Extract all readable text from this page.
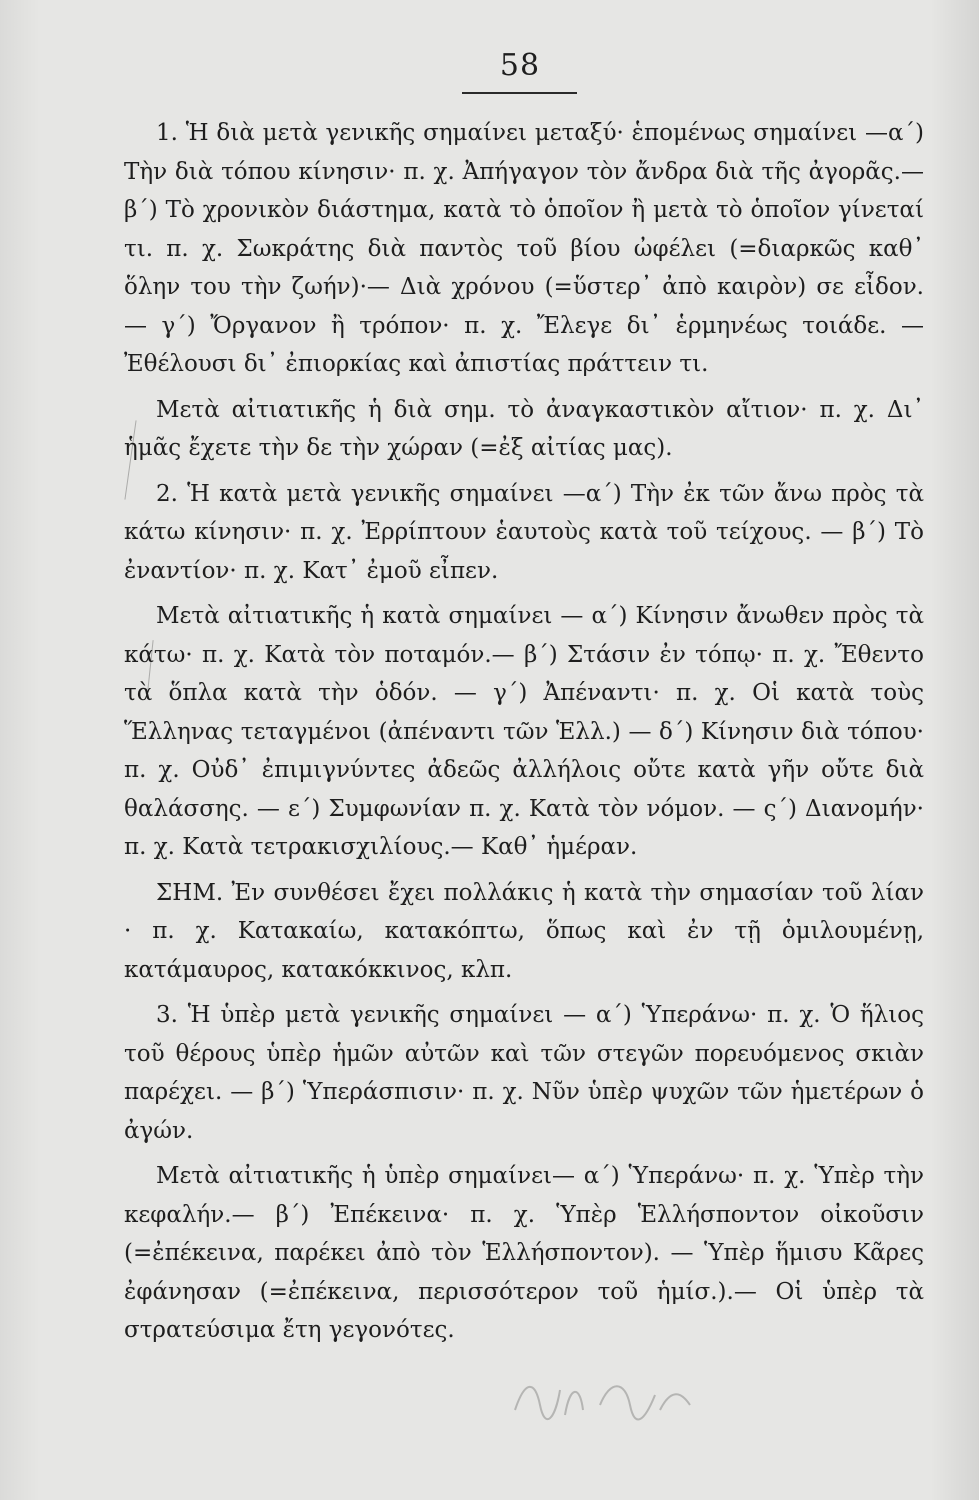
58

1. Ἡ διὰ μετὰ γενικῆς σημαίνει μεταξύ· ἑπομένως σημαίνει —α´) Τὴν διὰ τόπου κίνησιν· π. χ. Ἀπήγαγον τὸν ἄνδρα διὰ τῆς ἀγορᾶς.— β´) Τὸ χρονικὸν διάστημα, κατὰ τὸ ὁποῖον ἢ μετὰ τὸ ὁποῖον γίνεταί τι. π. χ. Σωκράτης διὰ παντὸς τοῦ βίου ὠφέλει (=διαρκῶς καθ᾽ ὅλην του τὴν ζωήν)·— Διὰ χρόνου (=ὕστερ᾽ ἀπὸ καιρὸν) σε εἶδον. — γ´) Ὄργανον ἢ τρόπον· π. χ. Ἔλεγε δι᾽ ἑρμηνέως τοιάδε. — Ἐθέλουσι δι᾽ ἐπιορκίας καὶ ἀπιστίας πράττειν τι.

Μετὰ αἰτιατικῆς ἡ διὰ σημ. τὸ ἀναγκαστικὸν αἴτιον· π. χ. Δι᾽ ἡμᾶς ἔχετε τὴν δε τὴν χώραν (=ἐξ αἰτίας μας).

2. Ἡ κατὰ μετὰ γενικῆς σημαίνει —α´) Τὴν ἐκ τῶν ἄνω πρὸς τὰ κάτω κίνησιν· π. χ. Ἐρρίπτουν ἑαυτοὺς κατὰ τοῦ τείχους. — β´) Τὸ ἐναντίον· π. χ. Κατ᾽ ἐμοῦ εἶπεν.

Μετὰ αἰτιατικῆς ἡ κατὰ σημαίνει — α´) Κίνησιν ἄνωθεν πρὸς τὰ κάτω· π. χ. Κατὰ τὸν ποταμόν.— β´) Στάσιν ἐν τόπῳ· π. χ. Ἔθεντο τὰ ὅπλα κατὰ τὴν ὁδόν. — γ´) Ἀπέναντι· π. χ. Οἱ κατὰ τοὺς Ἕλληνας τεταγμένοι (ἀπέναντι τῶν Ἑλλ.) — δ´) Κίνησιν διὰ τόπου· π. χ. Οὐδ᾽ ἐπιμιγνύντες ἀδεῶς ἀλλήλοις οὔτε κατὰ γῆν οὔτε διὰ θαλάσσης. — ε´) Συμφωνίαν π. χ. Κατὰ τὸν νόμον. — ς´) Διανομήν· π. χ. Κατὰ τετρακισχιλίους.— Καθ᾽ ἡμέραν.

ΣΗΜ. Ἐν συνθέσει ἔχει πολλάκις ἡ κατὰ τὴν σημασίαν τοῦ λίαν · π. χ. Κατακαίω, κατακόπτω, ὅπως καὶ ἐν τῇ ὁμιλουμένῃ, κατάμαυρος, κατακόκκινος, κλπ.

3. Ἡ ὑπὲρ μετὰ γενικῆς σημαίνει — α´) Ὑπεράνω· π. χ. Ὁ ἥλιος τοῦ θέρους ὑπὲρ ἡμῶν αὐτῶν καὶ τῶν στεγῶν πορευόμενος σκιὰν παρέχει. — β´) Ὑπεράσπισιν· π. χ. Νῦν ὑπὲρ ψυχῶν τῶν ἡμετέρων ὁ ἀγών.

Μετὰ αἰτιατικῆς ἡ ὑπὲρ σημαίνει— α´) Ὑπεράνω· π. χ. Ὑπὲρ τὴν κεφαλήν.— β´) Ἐπέκεινα· π. χ. Ὑπὲρ Ἑλλήσποντον οἰκοῦσιν (=ἐπέκεινα, παρέκει ἀπὸ τὸν Ἑλλήσποντον). — Ὑπὲρ ἥμισυ Κᾶρες ἐφάνησαν (=ἐπέκεινα, περισσότερον τοῦ ἡμίσ.).— Οἱ ὑπὲρ τὰ στρατεύσιμα ἔτη γεγονότες.
